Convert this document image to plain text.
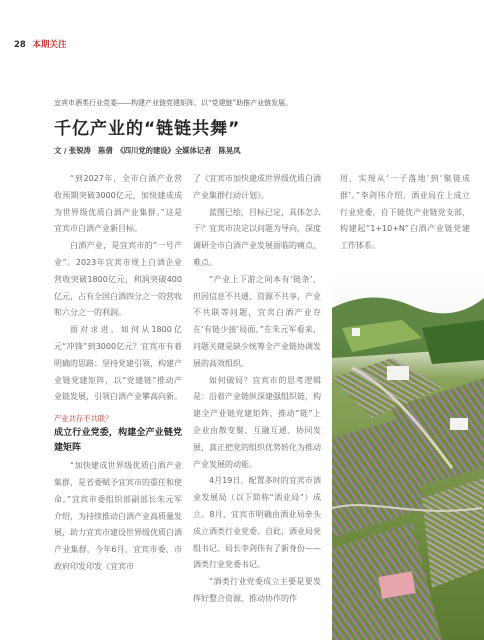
28 本期关注
宜宾市酒类行业党委——构建产业链党建矩阵，以“党建链”助推产业链发展。
千亿产业的“链链共舞”
文 / 张锐涛　陈倩　《四川党的建设》全媒体记者　陈晃凤

“到2027年，全市白酒产业营收预期突破3000亿元，加快建成成为世界级优质白酒产业集群。”这是宜宾市白酒产业新目标。

白酒产业，是宜宾市的“一号产业”。2023年宜宾市规上白酒企业营收突破1800亿元，利润突破400亿元，占有全国白酒四分之一的营收和六分之一的利润。

面对求进，如何从1800亿元“冲锋”到3000亿元？宜宾市有着明确的思路：坚持党建引领，构建产业链党建矩阵，以“党建链”推动产业链发展，引领白酒产业攀高向新。

产业共存不共联？

成立行业党委，构建全产业链党建矩阵

“加快建成世界级优质白酒产业集群，是省委赋予宜宾市的重任和使命。”宜宾市委组织部副部长朱元军介绍，为持续推动白酒产业高质量发展，助力宜宾市建设世界级优质白酒产业集群，今年6月，宜宾市委、市政府印发印发《宜宾市

了《宜宾市加快建成世界级优质白酒产业集群行动计划》。

蓝图已绘，目标已定，具体怎么干？宜宾市决定以问题为导向，深度调研全市白酒产业发展面临的痛点、难点。

“产业上下游之间本有‘链条’，但因信息不共通、资源不共享，产业不共联等问题，宜宾白酒产业存在‘有链少接’局面。”在朱元军看来，问题关键是缺少统筹全产业链协调发展的高效组织。

如何破局？宜宾市的思考逻辑是：沿着产业链纵深建强组织链，构建全产业链党建矩阵，推动“链”上企业由散变聚、互融互通、协同发展，真正把党的组织优势转化为推动产业发展的动能。

4月19日，配置多时的宜宾市酒业发展局（以下简称“酒业局”）成立。8月，宜宾市明确由酒业局牵头成立酒类行业党委。自此，酒业局党组书记、局长李剑伟有了新身份——酒类行业党委书记。

“酒类行业党委成立主要是要发挥好整合资源、推动协作的作

用，实现从‘一子落地’到‘聚链成群’。”李剑伟介绍，酒业局在上成立行业党委，自下链优产业链党支部，构建起“1+10+N”白酒产业链党建工作体系。
